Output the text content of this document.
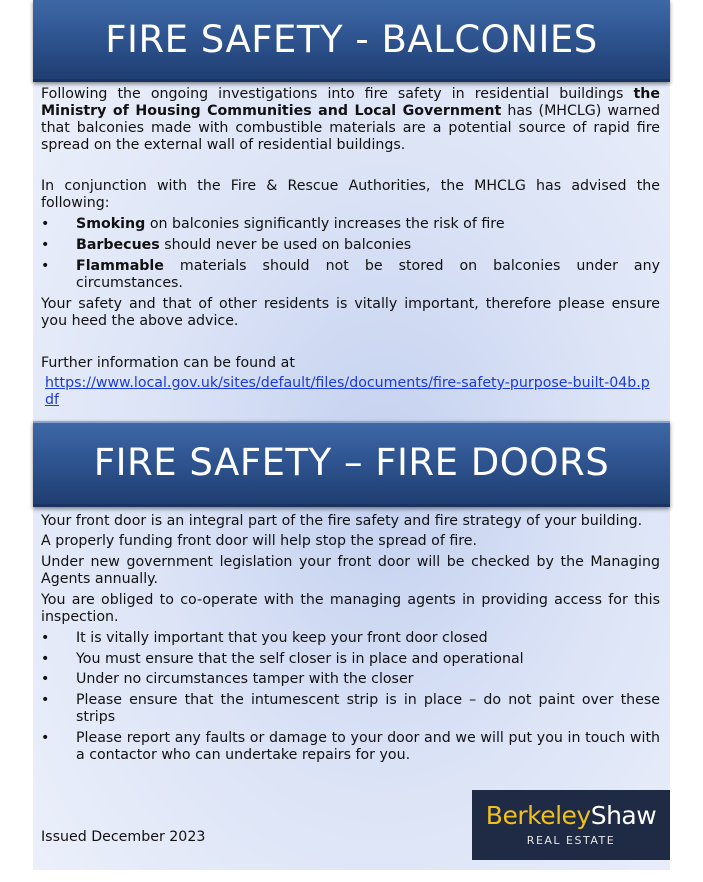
FIRE SAFETY - BALCONIES
Following the ongoing investigations into fire safety in residential buildings the Ministry of Housing Communities and Local Government has (MHCLG) warned that balconies made with combustible materials are a potential source of rapid fire spread on the external wall of residential buildings.
In conjunction with the Fire & Rescue Authorities, the MHCLG has advised the following:
• Smoking on balconies significantly increases the risk of fire
• Barbecues should never be used on balconies
• Flammable materials should not be stored on balconies under any circumstances.
Your safety and that of other residents is vitally important, therefore please ensure you heed the above advice.
Further information can be found at
https://www.local.gov.uk/sites/default/files/documents/fire-safety-purpose-built-04b.pdf
FIRE SAFETY – FIRE DOORS
Your front door is an integral part of the fire safety and fire strategy of your building.
A properly funding front door will help stop the spread of fire.
Under new government legislation your front door will be checked by the Managing Agents annually.
You are obliged to co-operate with the managing agents in providing access for this inspection.
• It is vitally important that you keep your front door closed
• You must ensure that the self closer is in place and operational
• Under no circumstances tamper with the closer
• Please ensure that the intumescent strip is in place – do not paint over these strips
• Please report any faults or damage to your door and we will put you in touch with a contactor who can undertake repairs for you.
Issued December 2023
BerkeleyShaw
REAL ESTATE
